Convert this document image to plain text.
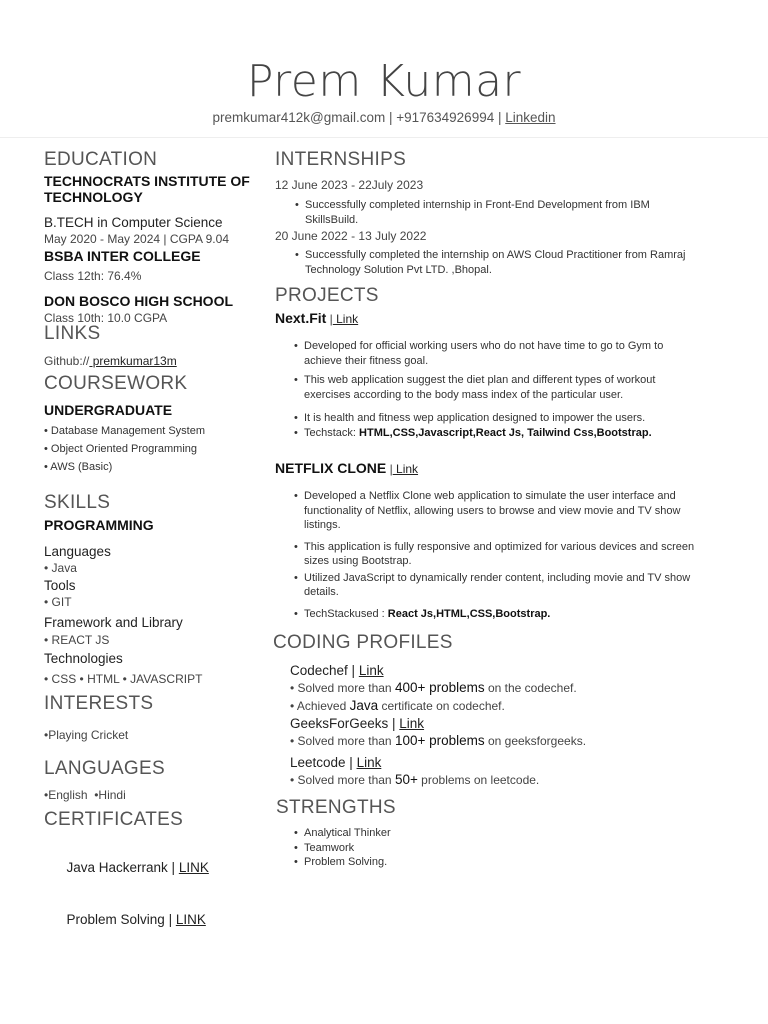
Prem Kumar
premkumar412k@gmail.com | +917634926994 | Linkedin
EDUCATION
TECHNOCRATS INSTITUTE OF TECHNOLOGY
B.TECH in Computer Science
May 2020 - May 2024 | CGPA 9.04
BSBA INTER COLLEGE
Class 12th: 76.4%
DON BOSCO HIGH SCHOOL
Class 10th: 10.0 CGPA
LINKS
Github:// premkumar13m
COURSEWORK
UNDERGRADUATE
• Database Management System
• Object Oriented Programming
• AWS (Basic)
SKILLS
PROGRAMMING
Languages
• Java
Tools
• GIT
Framework and Library
• REACT JS
Technologies
• CSS • HTML • JAVASCRIPT
INTERESTS
•Playing Cricket
LANGUAGES
•English  •Hindi
CERTIFICATES

Java Hackerrank | LINK

Problem Solving | LINK

INTERNSHIPS
12 June 2023 - 22July 2023
• Successfully completed internship in Front-End Development from IBM SkillsBuild.
20 June 2022 - 13 July 2022
• Successfully completed the internship on AWS Cloud Practitioner from Ramraj Technology Solution Pvt LTD. ,Bhopal.
PROJECTS
Next.Fit | Link
• Developed for official working users who do not have time to go to Gym to achieve their fitness goal.
• This web application suggest the diet plan and different types of workout exercises according to the body mass index of the particular user.
• It is health and fitness wep application designed to impower the users.
• Techstack: HTML,CSS,Javascript,React Js, Tailwind Css,Bootstrap.
NETFLIX CLONE | Link
• Developed a Netflix Clone web application to simulate the user interface and functionality of Netflix, allowing users to browse and view movie and TV show listings.
• This application is fully responsive and optimized for various devices and screen sizes using Bootstrap.
• Utilized JavaScript to dynamically render content, including movie and TV show details.
• TechStackused : React Js,HTML,CSS,Bootstrap.
CODING PROFILES
Codechef | Link
• Solved more than 400+ problems on the codechef.
• Achieved Java certificate on codechef.
GeeksForGeeks | Link
• Solved more than 100+ problems on geeksforgeeks.
Leetcode | Link
• Solved more than 50+ problems on leetcode.
STRENGTHS
• Analytical Thinker
• Teamwork
• Problem Solving.
